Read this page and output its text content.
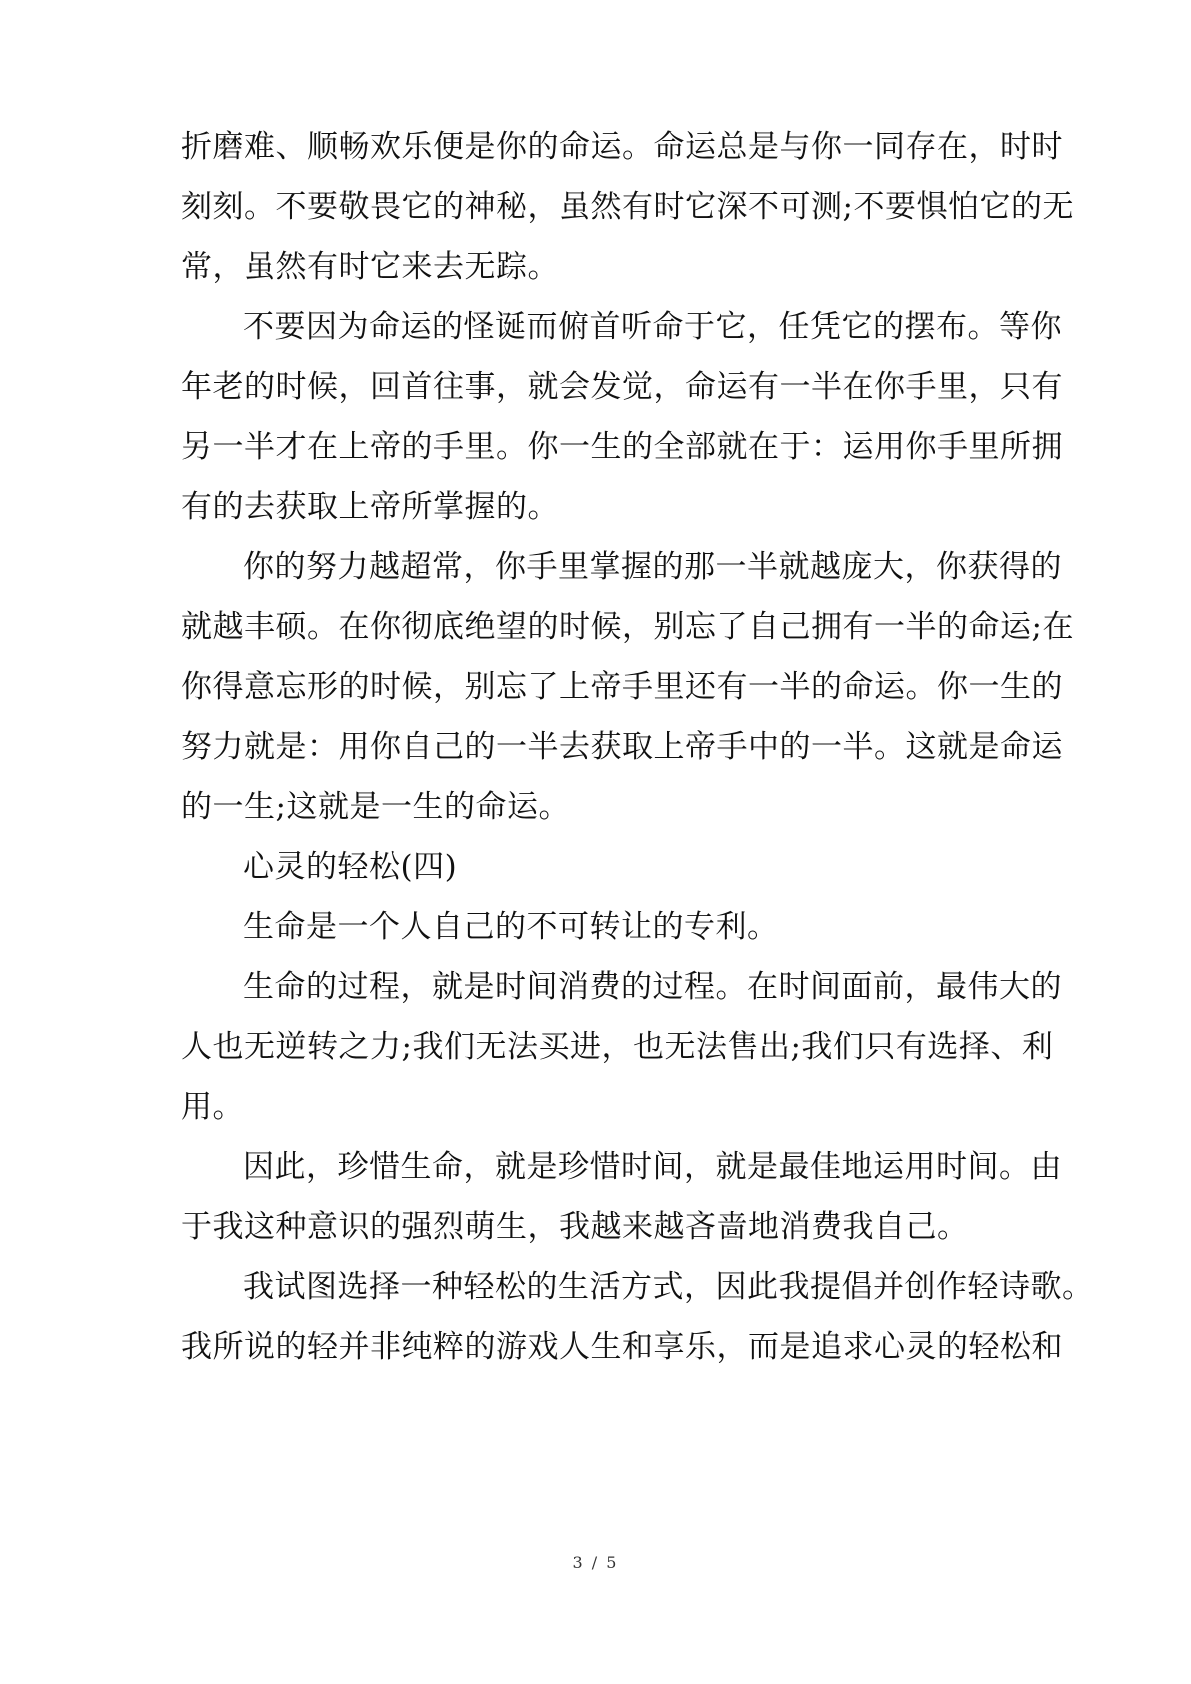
折磨难、顺畅欢乐便是你的命运。命运总是与你一同存在，时时
刻刻。不要敬畏它的神秘，虽然有时它深不可测;不要惧怕它的无
常，虽然有时它来去无踪。
不要因为命运的怪诞而俯首听命于它，任凭它的摆布。等你
年老的时候，回首往事，就会发觉，命运有一半在你手里，只有
另一半才在上帝的手里。你一生的全部就在于：运用你手里所拥
有的去获取上帝所掌握的。
你的努力越超常，你手里掌握的那一半就越庞大，你获得的
就越丰硕。在你彻底绝望的时候，别忘了自己拥有一半的命运;在
你得意忘形的时候，别忘了上帝手里还有一半的命运。你一生的
努力就是：用你自己的一半去获取上帝手中的一半。这就是命运
的一生;这就是一生的命运。
心灵的轻松(四)
生命是一个人自己的不可转让的专利。
生命的过程，就是时间消费的过程。在时间面前，最伟大的
人也无逆转之力;我们无法买进，也无法售出;我们只有选择、利
用。
因此，珍惜生命，就是珍惜时间，就是最佳地运用时间。由
于我这种意识的强烈萌生，我越来越吝啬地消费我自己。
我试图选择一种轻松的生活方式，因此我提倡并创作轻诗歌。
我所说的轻并非纯粹的游戏人生和享乐，而是追求心灵的轻松和
3 / 5
